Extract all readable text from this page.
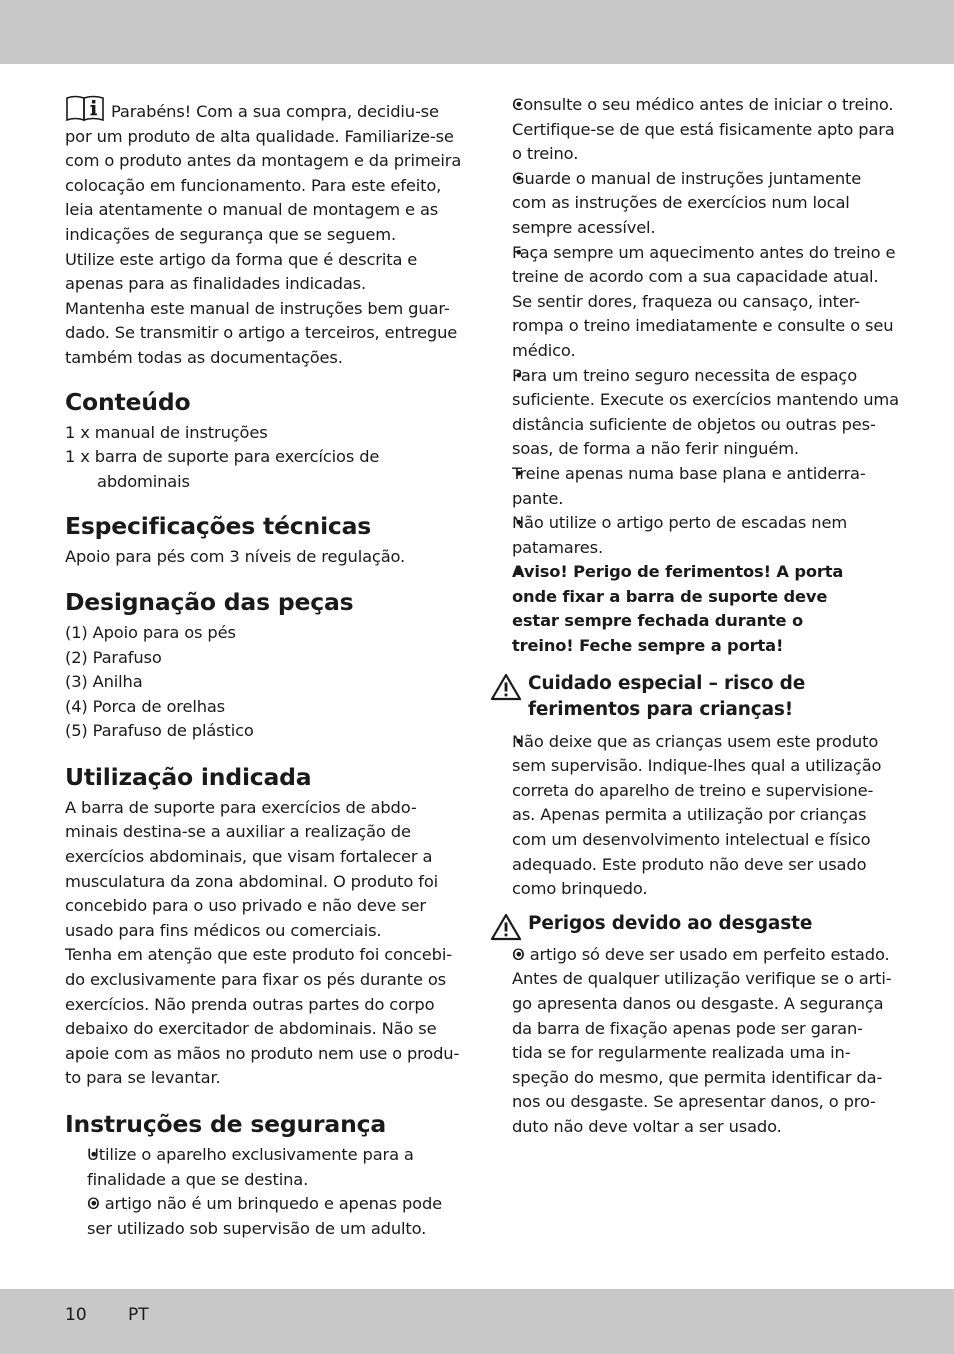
Parabéns! Com a sua compra, decidiu-se
por um produto de alta qualidade. Familiarize-se
com o produto antes da montagem e da primeira
colocação em funcionamento. Para este efeito,
leia atentamente o manual de montagem e as
indicações de segurança que se seguem.
Utilize este artigo da forma que é descrita e
apenas para as finalidades indicadas.
Mantenha este manual de instruções bem guar-
dado. Se transmitir o artigo a terceiros, entregue
também todas as documentações.

Conteúdo
1 x manual de instruções
1 x barra de suporte para exercícios de abdominais
Especificações técnicas

Apoio para pés com 3 níveis de regulação.

Designação das peças
(1) Apoio para os pés
(2) Parafuso
(3) Anilha
(4) Porca de orelhas
(5) Parafuso de plástico
Utilização indicada

A barra de suporte para exercícios de abdo-
minais destina-se a auxiliar a realização de
exercícios abdominais, que visam fortalecer a
musculatura da zona abdominal. O produto foi
concebido para o uso privado e não deve ser
usado para fins médicos ou comerciais.
Tenha em atenção que este produto foi concebi-
do exclusivamente para fixar os pés durante os
exercícios. Não prenda outras partes do corpo
debaixo do exercitador de abdominais. Não se
apoie com as mãos no produto nem use o produ-
to para se levantar.

Instruções de segurança
• Utilize o aparelho exclusivamente para a
finalidade a que se destina.
• O artigo não é um brinquedo e apenas pode
ser utilizado sob supervisão de um adulto.
• Consulte o seu médico antes de iniciar o treino.
Certifique-se de que está fisicamente apto para
o treino.
• Guarde o manual de instruções juntamente
com as instruções de exercícios num local
sempre acessível.
• Faça sempre um aquecimento antes do treino e
treine de acordo com a sua capacidade atual.
Se sentir dores, fraqueza ou cansaço, inter-
rompa o treino imediatamente e consulte o seu
médico.
• Para um treino seguro necessita de espaço
suficiente. Execute os exercícios mantendo uma
distância suficiente de objetos ou outras pes-
soas, de forma a não ferir ninguém.
• Treine apenas numa base plana e antiderra-
pante.
• Não utilize o artigo perto de escadas nem
patamares.
• Aviso! Perigo de ferimentos! A porta
onde fixar a barra de suporte deve
estar sempre fechada durante o
treino! Feche sempre a porta!
Cuidado especial – risco de
ferimentos para crianças!
• Não deixe que as crianças usem este produto
sem supervisão. Indique-lhes qual a utilização
correta do aparelho de treino e supervisione-
as. Apenas permita a utilização por crianças
com um desenvolvimento intelectual e físico
adequado. Este produto não deve ser usado
como brinquedo.
Perigos devido ao desgaste
• O artigo só deve ser usado em perfeito estado.
Antes de qualquer utilização verifique se o arti-
go apresenta danos ou desgaste. A segurança
da barra de fixação apenas pode ser garan-
tida se for regularmente realizada uma in-
speção do mesmo, que permita identificar da-
nos ou desgaste. Se apresentar danos, o pro-
duto não deve voltar a ser usado.
10 PT
